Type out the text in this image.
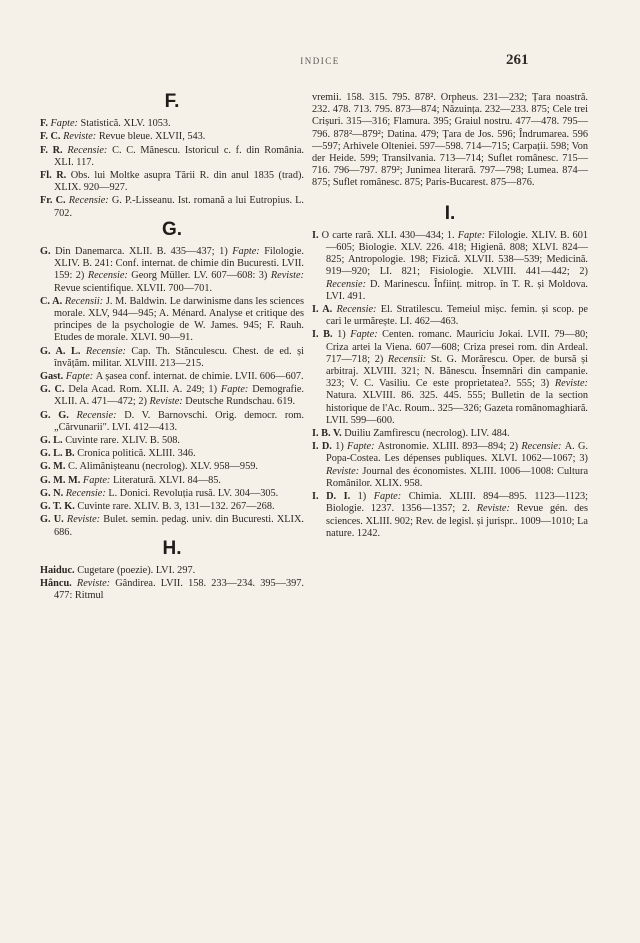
INDICE	261
F.

F. Fapte: Statistică. XLV. 1053.

F. C. Reviste: Revue bleue. XLVII, 543.

F. R. Recensie: C. C. Mănescu. Istoricul c. f. din România. XLI. 117.

Fl. R. Obs. lui Moltke asupra Tării R. din anul 1835 (trad). XLIX. 920—927.

Fr. C. Recensie: G. P.-Lisseanu. Ist. romană a lui Eutropius. L. 702.

G.

G. Din Danemarca. XLII. B. 435—437; 1) Fapte: Filologie. XLIV. B. 241: Conf. internat. de chimie din Bucuresti. LVII. 159: 2) Recensie: Georg Müller. LV. 607—608: 3) Reviste: Revue scientifique. XLVII. 700—701.

C. A. Recensii: J. M. Baldwin. Le darwinisme dans les sciences morale. XLV, 944—945; A. Ménard. Analyse et critique des principes de la psychologie de W. James. 945; F. Rauh. Etudes de morale. XLVI. 90—91.

G. A. L. Recensie: Cap. Th. Stănculescu. Chest. de ed. și învățăm. militar. XLVIII. 213—215.

Gast. Fapte: A șasea conf. internat. de chimie. LVII. 606—607.

G. C. Dela Acad. Rom. XLII. A. 249; 1) Fapte: Demografie. XLII. A. 471—472; 2) Reviste: Deutsche Rundschau. 619.

G. G. Recensie: D. V. Barnovschi. Orig. democr. rom. „Cărvunarii". LVI. 412—413.

G. L. Cuvinte rare. XLIV. B. 508.

G. L. B. Cronica politică. XLIII. 346.

G. M. C. Alimănișteanu (necrolog). XLV. 958—959.

G. M. M. Fapte: Literatură. XLVI. 84—85.

G. N. Recensie: L. Donici. Revoluția rusă. LV. 304—305.

G. T. K. Cuvinte rare. XLIV. B. 3, 131—132. 267—268.

G. U. Reviste: Bulet. semin. pedag. univ. din Bucuresti. XLIX. 686.

H.

Haiduc. Cugetare (poezie). LVI. 297.

Hâncu. Reviste: Gândirea. LVII. 158. 233—234. 395—397. 477: Ritmul

vremii. 158. 315. 795. 878². Orpheus. 231—232; Țara noastră. 232. 478. 713. 795. 873—874; Năzuința. 232—233. 875; Cele trei Crișuri. 315—316; Flamura. 395; Graiul nostru. 477—478. 795—796. 878²—879²; Datina. 479; Țara de Jos. 596; Îndrumarea. 596—597; Arhivele Olteniei. 597—598. 714—715; Carpații. 598; Von der Heide. 599; Transilvania. 713—714; Suflet românesc. 715—716. 796—797. 879²; Junimea literară. 797—798; Lumea. 874—875; Suflet românesc. 875; Paris-Bucarest. 875—876.

I.

I. O carte rară. XLI. 430—434; 1. Fapte: Filologie. XLIV. B. 601—605; Biologie. XLV. 226. 418; Higienă. 808; XLVI. 824—825; Antropologie. 198; Fizică. XLVII. 538—539; Medicină. 919—920; LI. 821; Fisiologie. XLVIII. 441—442; 2) Recensie: D. Marinescu. Înființ. mitrop. în T. R. și Moldova. LVI. 491.

I. A. Recensie: El. Stratilescu. Temeiul mișc. femin. și scop. pe cari le urmărește. LI. 462—463.

I. B. 1) Fapte: Centen. romanc. Mauriciu Jokai. LVII. 79—80; Criza artei la Viena. 607—608; Criza presei rom. din Ardeal. 717—718; 2) Recensii: St. G. Morărescu. Oper. de bursă și arbitraj. XLVIII. 321; N. Bănescu. Însemnări din campanie. 323; V. C. Vasiliu. Ce este proprietatea?. 555; 3) Reviste: Natura. XLVIII. 86. 325. 445. 555; Bulletin de la section historique de l'Ac. Roum.. 325—326; Gazeta românomaghiară. LVII. 599—600.

I. B. V. Duiliu Zamfirescu (necrolog). LIV. 484.

I. D. 1) Fapte: Astronomie. XLIII. 893—894; 2) Recensie: A. G. Popa-Costea. Les dépenses publiques. XLVI. 1062—1067; 3) Reviste: Journal des économistes. XLIII. 1006—1008: Cultura Românilor. XLIX. 958.

I. D. I. 1) Fapte: Chimia. XLIII. 894—895. 1123—1123; Biologie. 1237. 1356—1357; 2. Reviste: Revue gén. des sciences. XLIII. 902; Rev. de legisl. și jurispr.. 1009—1010; La nature. 1242.
